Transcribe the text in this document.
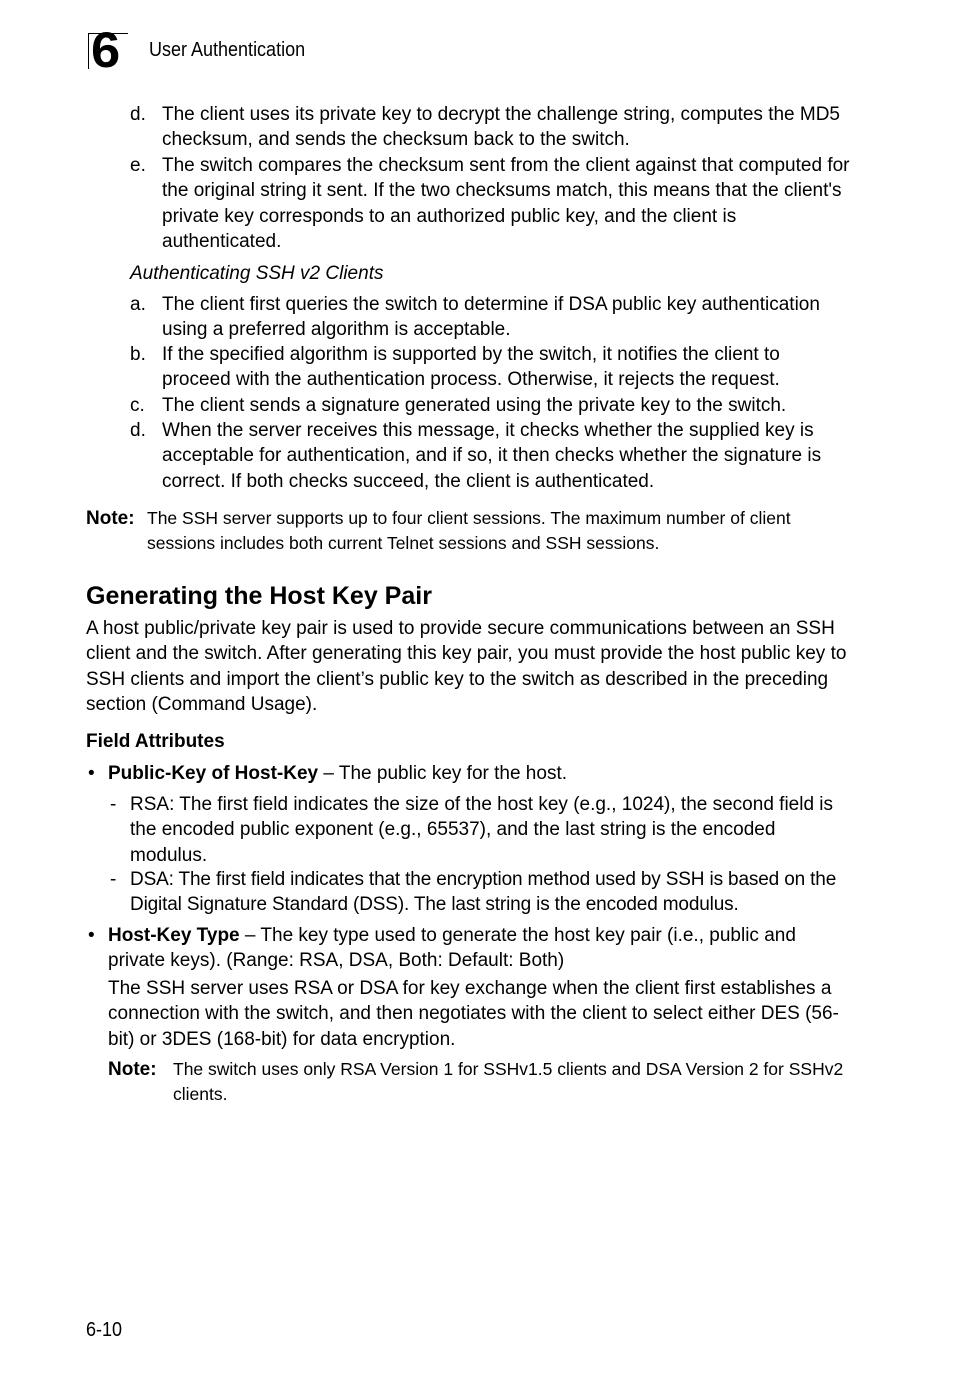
6 User Authentication
d. The client uses its private key to decrypt the challenge string, computes the MD5 checksum, and sends the checksum back to the switch.
e. The switch compares the checksum sent from the client against that computed for the original string it sent. If the two checksums match, this means that the client's private key corresponds to an authorized public key, and the client is authenticated.
Authenticating SSH v2 Clients
a. The client first queries the switch to determine if DSA public key authentication using a preferred algorithm is acceptable.
b. If the specified algorithm is supported by the switch, it notifies the client to proceed with the authentication process. Otherwise, it rejects the request.
c. The client sends a signature generated using the private key to the switch.
d. When the server receives this message, it checks whether the supplied key is acceptable for authentication, and if so, it then checks whether the signature is correct. If both checks succeed, the client is authenticated.
Note: The SSH server supports up to four client sessions. The maximum number of client sessions includes both current Telnet sessions and SSH sessions.
Generating the Host Key Pair
A host public/private key pair is used to provide secure communications between an SSH client and the switch. After generating this key pair, you must provide the host public key to SSH clients and import the client’s public key to the switch as described in the preceding section (Command Usage).
Field Attributes
• Public-Key of Host-Key – The public key for the host.
- RSA: The first field indicates the size of the host key (e.g., 1024), the second field is the encoded public exponent (e.g., 65537), and the last string is the encoded modulus.
- DSA: The first field indicates that the encryption method used by SSH is based on the Digital Signature Standard (DSS). The last string is the encoded modulus.
• Host-Key Type – The key type used to generate the host key pair (i.e., public and private keys). (Range: RSA, DSA, Both: Default: Both)
The SSH server uses RSA or DSA for key exchange when the client first establishes a connection with the switch, and then negotiates with the client to select either DES (56-bit) or 3DES (168-bit) for data encryption.
Note: The switch uses only RSA Version 1 for SSHv1.5 clients and DSA Version 2 for SSHv2 clients.
6-10
